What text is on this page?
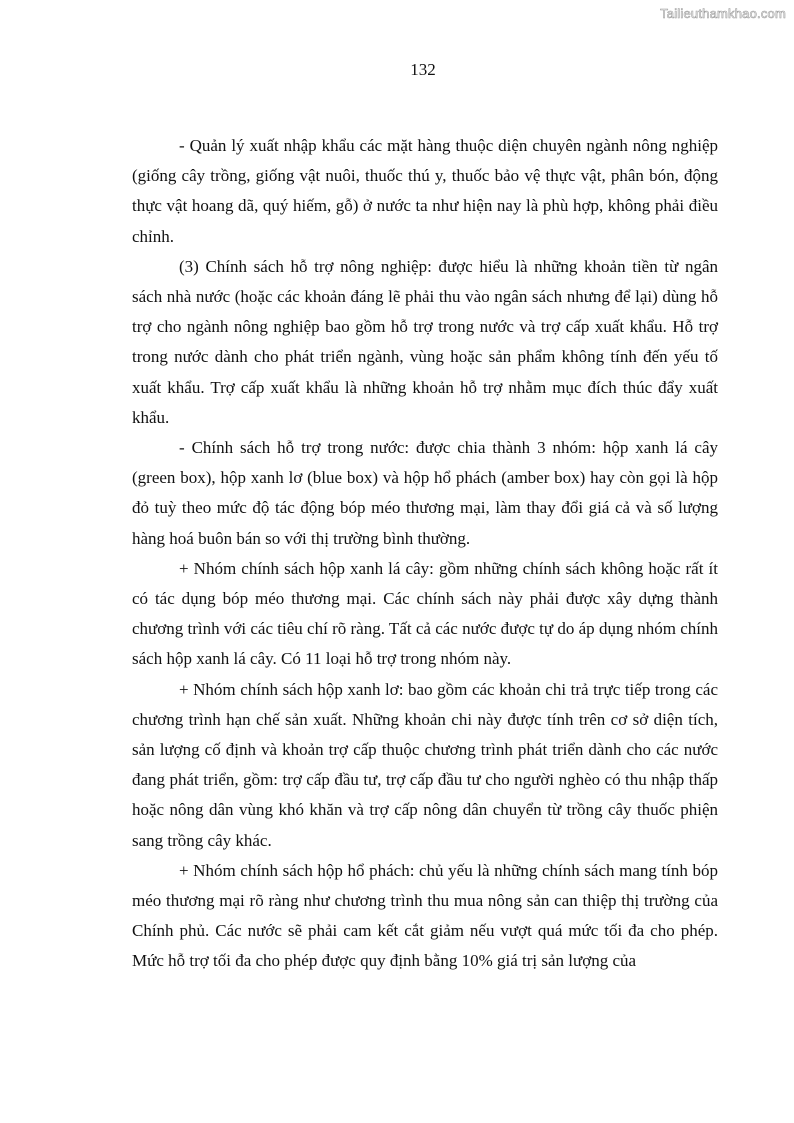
Tailieuthamkhao.com
132

- Quản lý xuất nhập khẩu các mặt hàng thuộc diện chuyên ngành nông nghiệp (giống cây trồng, giống vật nuôi, thuốc thú y, thuốc bảo vệ thực vật, phân bón, động thực vật hoang dã, quý hiếm, gỗ) ở nước ta như hiện nay là phù hợp, không phải điều chỉnh.

(3) Chính sách hỗ trợ nông nghiệp: được hiểu là những khoản tiền từ ngân sách nhà nước (hoặc các khoản đáng lẽ phải thu vào ngân sách nhưng để lại) dùng hỗ trợ cho ngành nông nghiệp bao gồm hỗ trợ trong nước và trợ cấp xuất khẩu. Hỗ trợ trong nước dành cho phát triển ngành, vùng hoặc sản phẩm không tính đến yếu tố xuất khẩu. Trợ cấp xuất khẩu là những khoản hỗ trợ nhằm mục đích thúc đẩy xuất khẩu.

- Chính sách hỗ trợ trong nước: được chia thành 3 nhóm: hộp xanh lá cây (green box), hộp xanh lơ (blue box) và hộp hổ phách (amber box) hay còn gọi là hộp đỏ tuỳ theo mức độ tác động bóp méo thương mại, làm thay đổi giá cả và số lượng hàng hoá buôn bán so với thị trường bình thường.

+ Nhóm chính sách hộp xanh lá cây: gồm những chính sách không hoặc rất ít có tác dụng bóp méo thương mại. Các chính sách này phải được xây dựng thành chương trình với các tiêu chí rõ ràng. Tất cả các nước được tự do áp dụng nhóm chính sách hộp xanh lá cây. Có 11 loại hỗ trợ trong nhóm này.

+ Nhóm chính sách hộp xanh lơ: bao gồm các khoản chi trả trực tiếp trong các chương trình hạn chế sản xuất. Những khoản chi này được tính trên cơ sở diện tích, sản lượng cố định và khoản trợ cấp thuộc chương trình phát triển dành cho các nước đang phát triển, gồm: trợ cấp đầu tư, trợ cấp đầu tư cho người nghèo có thu nhập thấp hoặc nông dân vùng khó khăn và trợ cấp nông dân chuyển từ trồng cây thuốc phiện sang trồng cây khác.

+ Nhóm chính sách hộp hổ phách: chủ yếu là những chính sách mang tính bóp méo thương mại rõ ràng như chương trình thu mua nông sản can thiệp thị trường của Chính phủ. Các nước sẽ phải cam kết cắt giảm nếu vượt quá mức tối đa cho phép. Mức hỗ trợ tối đa cho phép được quy định bằng 10% giá trị sản lượng của
